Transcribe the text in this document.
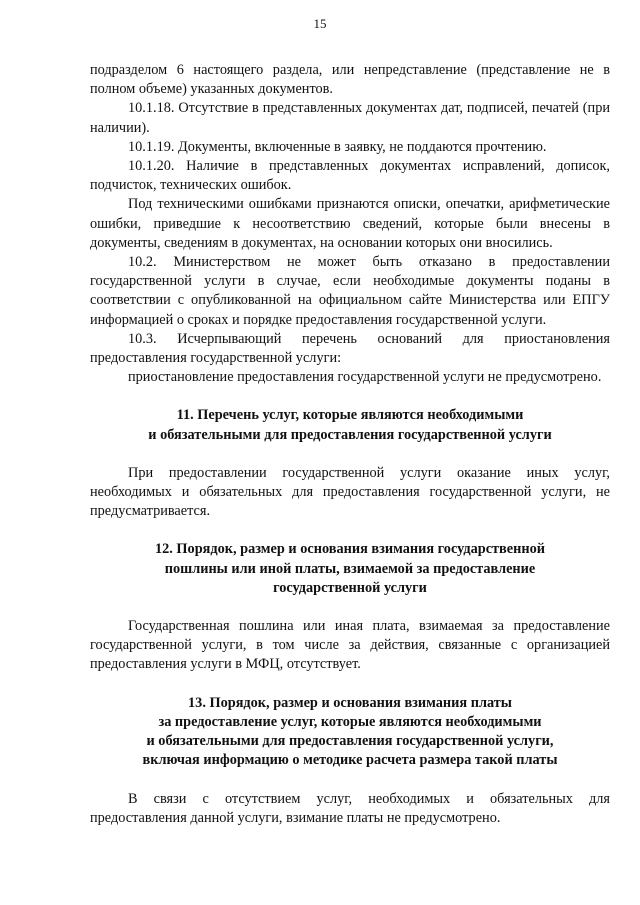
15

подразделом 6 настоящего раздела, или непредставление (представление не в полном объеме) указанных документов.

10.1.18. Отсутствие в представленных документах дат, подписей, печатей (при наличии).

10.1.19. Документы, включенные в заявку, не поддаются прочтению.

10.1.20. Наличие в представленных документах исправлений, дописок, подчисток, технических ошибок.

Под техническими ошибками признаются описки, опечатки, арифметические ошибки, приведшие к несоответствию сведений, которые были внесены в документы, сведениям в документах, на основании которых они вносились.

10.2. Министерством не может быть отказано в предоставлении государственной услуги в случае, если необходимые документы поданы в соответствии с опубликованной на официальном сайте Министерства или ЕПГУ информацией о сроках и порядке предоставления государственной услуги.

10.3. Исчерпывающий перечень оснований для приостановления предоставления государственной услуги:

приостановление предоставления государственной услуги не предусмотрено.

11. Перечень услуг, которые являются необходимыми

и обязательными для предоставления государственной услуги

При предоставлении государственной услуги оказание иных услуг, необходимых и обязательных для предоставления государственной услуги, не предусматривается.

12. Порядок, размер и основания взимания государственной

пошлины или иной платы, взимаемой за предоставление

государственной услуги

Государственная пошлина или иная плата, взимаемая за предоставление государственной услуги, в том числе за действия, связанные с организацией предоставления услуги в МФЦ, отсутствует.

13. Порядок, размер и основания взимания платы

за предоставление услуг, которые являются необходимыми

и обязательными для предоставления государственной услуги,

включая информацию о методике расчета размера такой платы

В связи с отсутствием услуг, необходимых и обязательных для предоставления данной услуги, взимание платы не предусмотрено.
